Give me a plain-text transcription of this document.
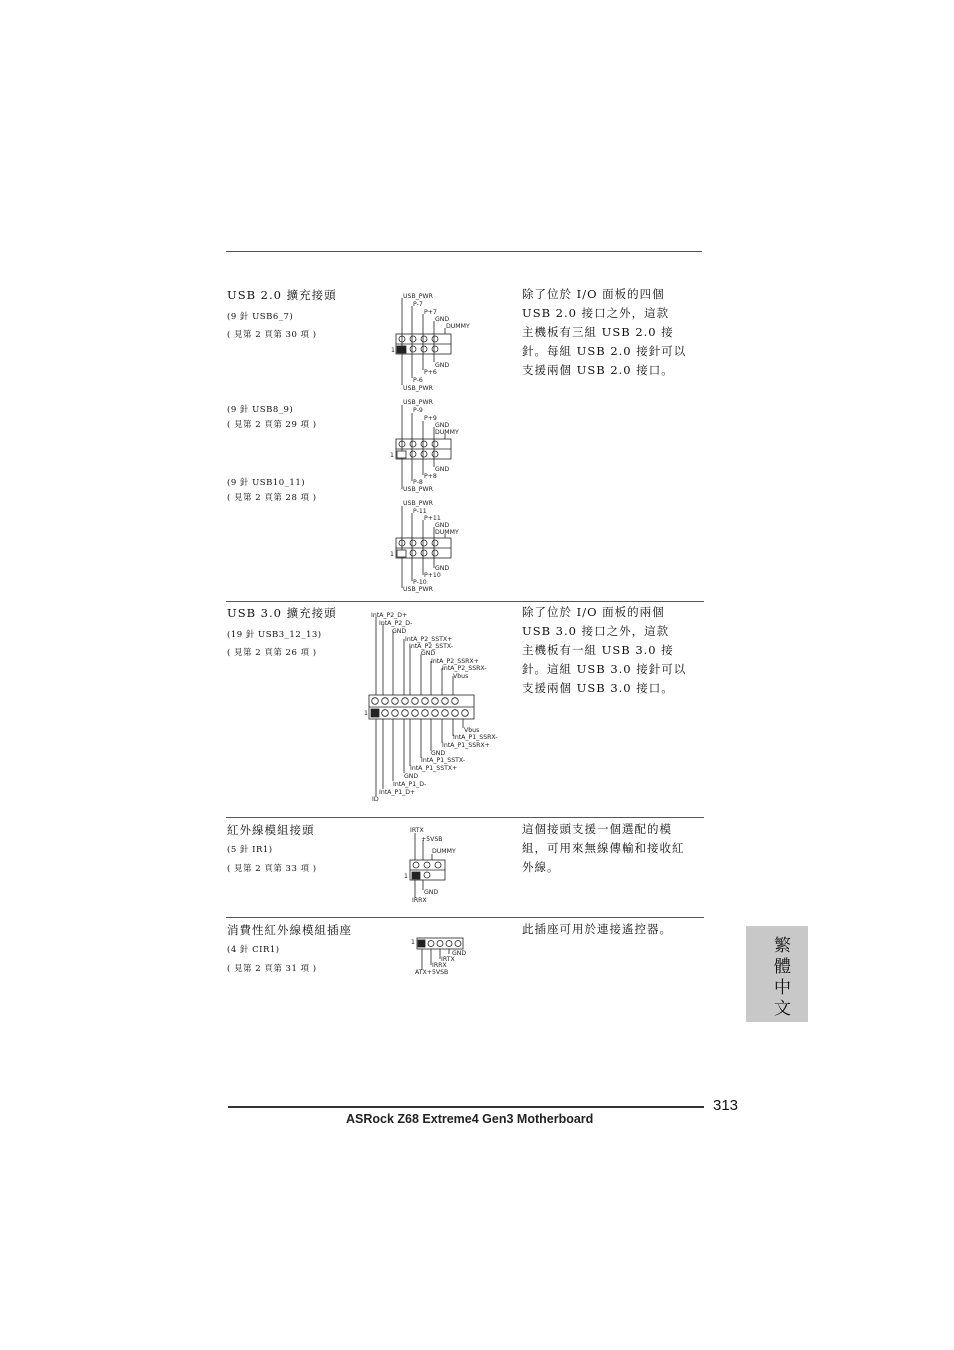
USB 2.0 擴充接頭
(9 針 USB6_7)
( 見第 2 頁第 30 項 )
(9 針 USB8_9)
( 見第 2 頁第 29 項 )
(9 針 USB10_11)
( 見第 2 頁第 28 項 )
除了位於 I/O 面板的四個
USB 2.0 接口之外，這款
主機板有三組 USB 2.0 接
針。每組 USB 2.0 接針可以
支援兩個 USB 2.0 接口。
USB_PWR
P-7
P+7
GND
DUMMY
GND
P+6
P-6
USB_PWR
1
USB_PWR
P-9
P+9
GND
DUMMY
GND
P+8
P-8
USB_PWR
1
USB_PWR
P-11
P+11
GND
DUMMY
GND
P+10
P-10
USB_PWR
1
USB 3.0 擴充接頭
(19 針 USB3_12_13)
( 見第 2 頁第 26 項 )
除了位於 I/O 面板的兩個
USB 3.0 接口之外，這款
主機板有一組 USB 3.0 接
針。這組 USB 3.0 接針可以
支援兩個 USB 3.0 接口。
IntA_P2_D+
IntA_P2_D-
GND
IntA_P2_SSTX+
IntA_P2_SSTX-
GND
IntA_P2_SSRX+
IntA_P2_SSRX-
Vbus
Vbus
IntA_P1_SSRX-
IntA_P1_SSRX+
GND
IntA_P1_SSTX-
IntA_P1_SSTX+
GND
IntA_P1_D-
IntA_P1_D+
ID
1
紅外線模組接頭
(5 針 IR1)
( 見第 2 頁第 33 項 )
這個接頭支援一個選配的模
組，可用來無線傳輸和接收紅
外線。
IRTX
+5VSB
DUMMY
GND
IRRX
1
消費性紅外線模組插座
(4 針 CIR1)
( 見第 2 頁第 31 項 )
此插座可用於連接遙控器。
GND
IRTX
IRRX
ATX+5VSB
1	繁體中文
313
ASRock Z68 Extreme4 Gen3 Motherboard
